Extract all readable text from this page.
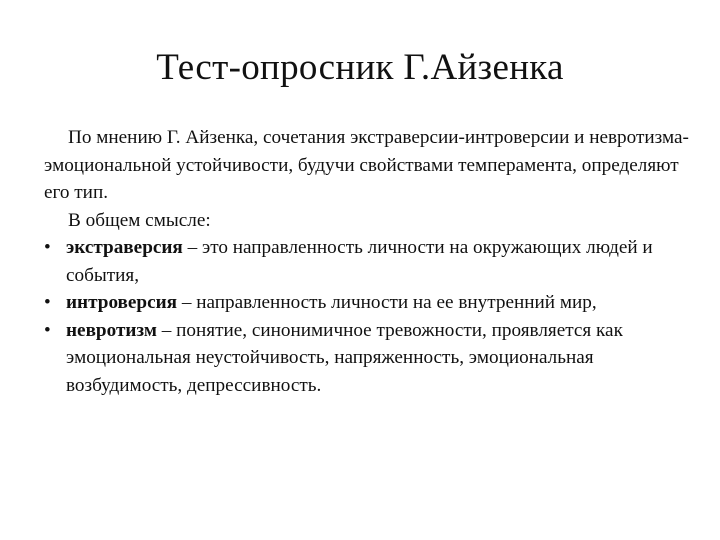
Тест-опросник Г.Айзенка

По мнению Г. Айзенка, сочетания экстраверсии-интроверсии и невротизма-эмоциональной устойчивости, будучи свойствами темперамента, определяют его тип.

В общем смысле:

• экстраверсия – это направленность личности на окружающих людей и события,

• интроверсия – направленность личности на ее внутренний мир,

• невротизм – понятие, синонимичное тревожности, проявляется как эмоциональная неустойчивость, напряженность, эмоциональная возбудимость, депрессивность.
